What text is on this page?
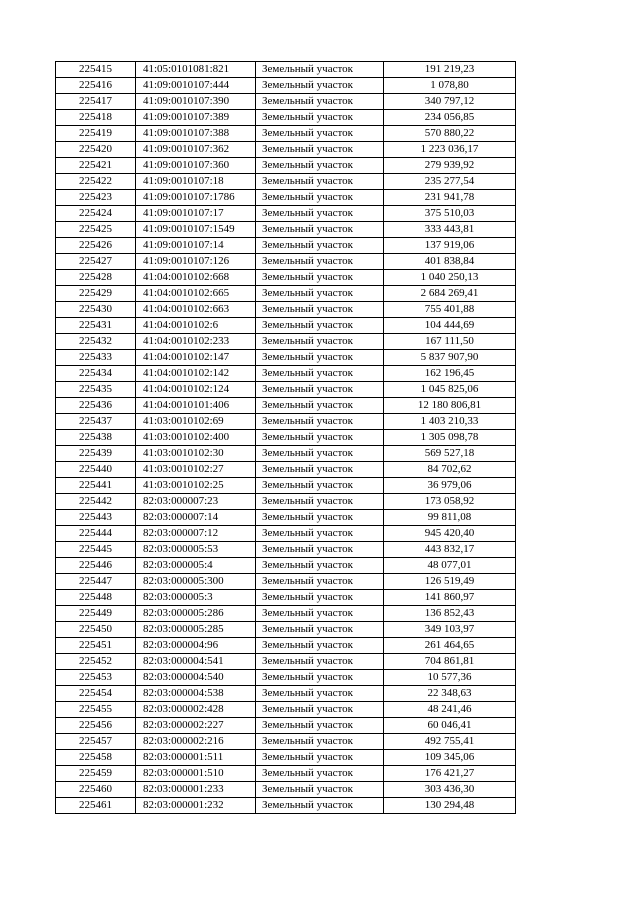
225415	41:05:0101081:821	Земельный участок	191 219,23
225416	41:09:0010107:444	Земельный участок	1 078,80
225417	41:09:0010107:390	Земельный участок	340 797,12
225418	41:09:0010107:389	Земельный участок	234 056,85
225419	41:09:0010107:388	Земельный участок	570 880,22
225420	41:09:0010107:362	Земельный участок	1 223 036,17
225421	41:09:0010107:360	Земельный участок	279 939,92
225422	41:09:0010107:18	Земельный участок	235 277,54
225423	41:09:0010107:1786	Земельный участок	231 941,78
225424	41:09:0010107:17	Земельный участок	375 510,03
225425	41:09:0010107:1549	Земельный участок	333 443,81
225426	41:09:0010107:14	Земельный участок	137 919,06
225427	41:09:0010107:126	Земельный участок	401 838,84
225428	41:04:0010102:668	Земельный участок	1 040 250,13
225429	41:04:0010102:665	Земельный участок	2 684 269,41
225430	41:04:0010102:663	Земельный участок	755 401,88
225431	41:04:0010102:6	Земельный участок	104 444,69
225432	41:04:0010102:233	Земельный участок	167 111,50
225433	41:04:0010102:147	Земельный участок	5 837 907,90
225434	41:04:0010102:142	Земельный участок	162 196,45
225435	41:04:0010102:124	Земельный участок	1 045 825,06
225436	41:04:0010101:406	Земельный участок	12 180 806,81
225437	41:03:0010102:69	Земельный участок	1 403 210,33
225438	41:03:0010102:400	Земельный участок	1 305 098,78
225439	41:03:0010102:30	Земельный участок	569 527,18
225440	41:03:0010102:27	Земельный участок	84 702,62
225441	41:03:0010102:25	Земельный участок	36 979,06
225442	82:03:000007:23	Земельный участок	173 058,92
225443	82:03:000007:14	Земельный участок	99 811,08
225444	82:03:000007:12	Земельный участок	945 420,40
225445	82:03:000005:53	Земельный участок	443 832,17
225446	82:03:000005:4	Земельный участок	48 077,01
225447	82:03:000005:300	Земельный участок	126 519,49
225448	82:03:000005:3	Земельный участок	141 860,97
225449	82:03:000005:286	Земельный участок	136 852,43
225450	82:03:000005:285	Земельный участок	349 103,97
225451	82:03:000004:96	Земельный участок	261 464,65
225452	82:03:000004:541	Земельный участок	704 861,81
225453	82:03:000004:540	Земельный участок	10 577,36
225454	82:03:000004:538	Земельный участок	22 348,63
225455	82:03:000002:428	Земельный участок	48 241,46
225456	82:03:000002:227	Земельный участок	60 046,41
225457	82:03:000002:216	Земельный участок	492 755,41
225458	82:03:000001:511	Земельный участок	109 345,06
225459	82:03:000001:510	Земельный участок	176 421,27
225460	82:03:000001:233	Земельный участок	303 436,30
225461	82:03:000001:232	Земельный участок	130 294,48
